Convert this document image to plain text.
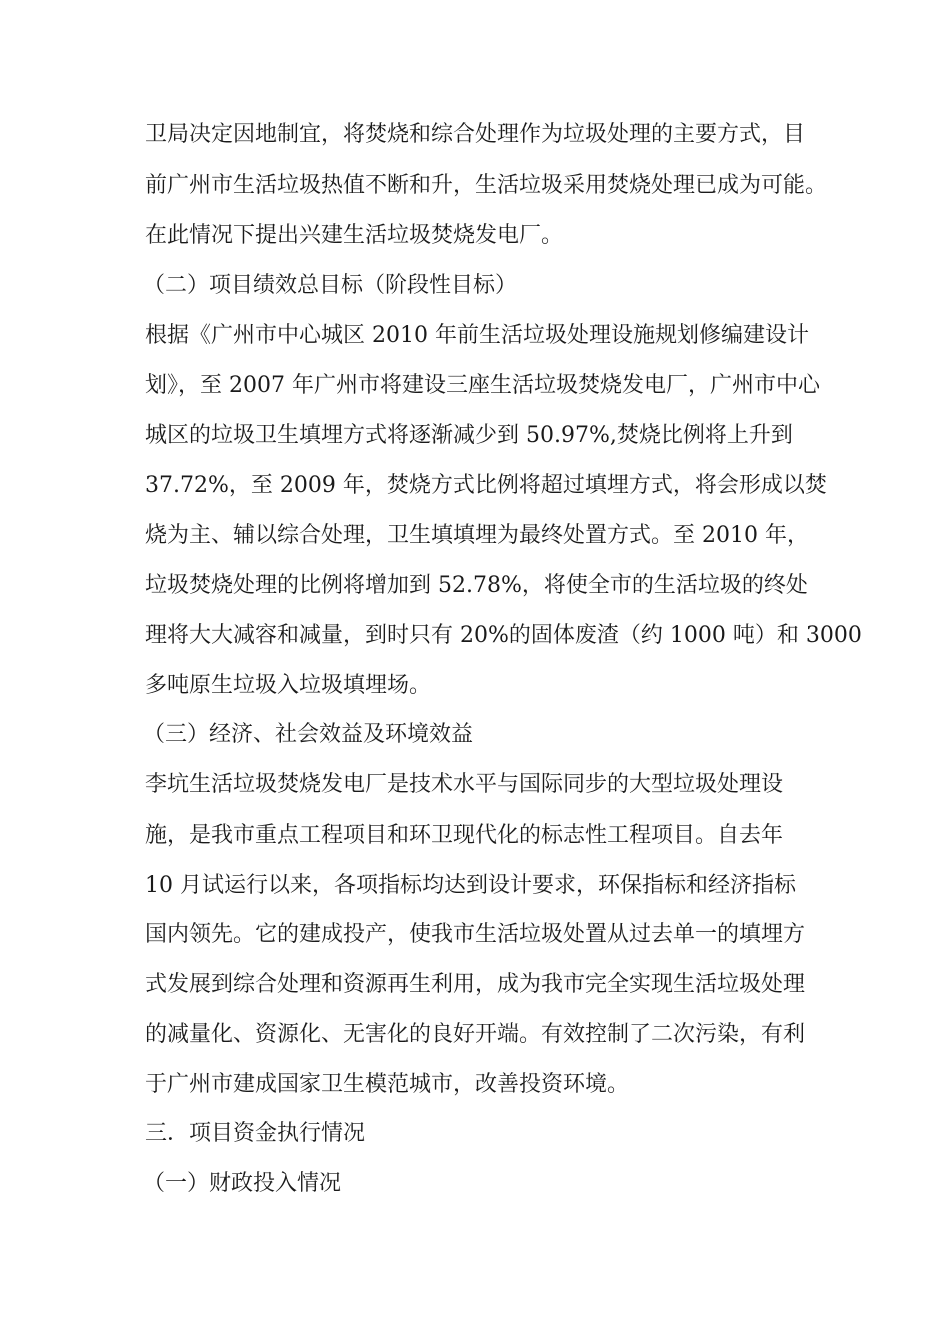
卫局决定因地制宜，将焚烧和综合处理作为垃圾处理的主要方式，目
前广州市生活垃圾热值不断和升，生活垃圾采用焚烧处理已成为可能。
在此情况下提出兴建生活垃圾焚烧发电厂。
（二）项目绩效总目标（阶段性目标）
根据《广州市中心城区 2010 年前生活垃圾处理设施规划修编建设计
划》，至 2007 年广州市将建设三座生活垃圾焚烧发电厂，广州市中心
城区的垃圾卫生填埋方式将逐渐减少到 50.97%,焚烧比例将上升到
37.72%，至 2009 年，焚烧方式比例将超过填埋方式，将会形成以焚
烧为主、辅以综合处理，卫生填填埋为最终处置方式。至 2010 年，
垃圾焚烧处理的比例将增加到 52.78%，将使全市的生活垃圾的终处
理将大大减容和减量，到时只有 20%的固体废渣（约 1000 吨）和 3000
多吨原生垃圾入垃圾填埋场。
（三）经济、社会效益及环境效益
李坑生活垃圾焚烧发电厂是技术水平与国际同步的大型垃圾处理设
施，是我市重点工程项目和环卫现代化的标志性工程项目。自去年
10 月试运行以来，各项指标均达到设计要求，环保指标和经济指标
国内领先。它的建成投产，使我市生活垃圾处置从过去单一的填埋方
式发展到综合处理和资源再生利用，成为我市完全实现生活垃圾处理
的减量化、资源化、无害化的良好开端。有效控制了二次污染，有利
于广州市建成国家卫生模范城市，改善投资环境。
三．项目资金执行情况
（一）财政投入情况
